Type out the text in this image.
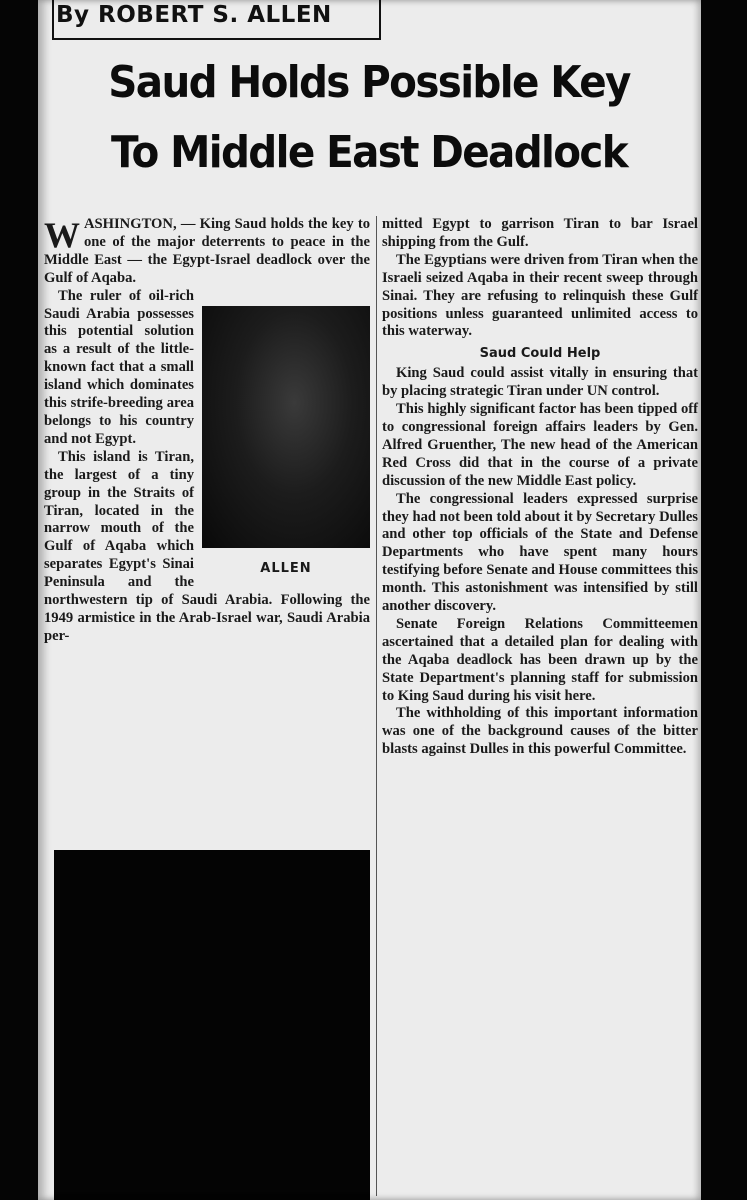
By ROBERT S. ALLEN
Saud Holds Possible Key
To Middle East Deadlock

WASHINGTON, — King Saud holds the key to one of the major deterrents to peace in the Middle East — the Egypt-Israel deadlock over the Gulf of Aqaba.

ALLEN

The ruler of oil-rich Saudi Arabia possesses this potential solution as a result of the little-known fact that a small island which dominates this strife-breeding area belongs to his country and not Egypt.

This island is Tiran, the largest of a tiny group in the Straits of Tiran, located in the narrow mouth of the Gulf of Aqaba which separates Egypt's Sinai Peninsula and the northwestern tip of Saudi Arabia. Following the 1949 armistice in the Arab-Israel war, Saudi Arabia per-

mitted Egypt to garrison Tiran to bar Israel shipping from the Gulf.

The Egyptians were driven from Tiran when the Israeli seized Aqaba in their recent sweep through Sinai. They are refusing to relinquish these Gulf positions unless guaranteed unlimited access to this waterway.

Saud Could Help

King Saud could assist vitally in ensuring that by placing strategic Tiran under UN control.

This highly significant factor has been tipped off to congressional foreign affairs leaders by Gen. Alfred Gruenther, The new head of the American Red Cross did that in the course of a private discussion of the new Middle East policy.

The congressional leaders expressed surprise they had not been told about it by Secretary Dulles and other top officials of the State and Defense Departments who have spent many hours testifying before Senate and House committees this month. This astonishment was intensified by still another discovery.

Senate Foreign Relations Committeemen ascertained that a detailed plan for dealing with the Aqaba deadlock has been drawn up by the State Department's planning staff for submission to King Saud during his visit here.

The withholding of this important information was one of the background causes of the bitter blasts against Dulles in this powerful Committee.
